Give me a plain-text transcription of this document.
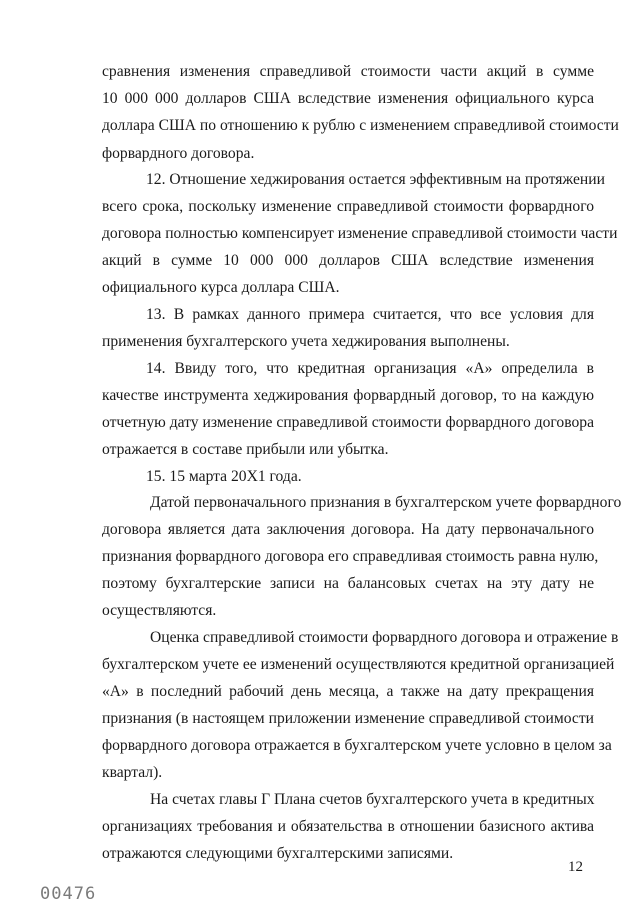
сравнения изменения справедливой стоимости части акций в сумме
10 000 000 долларов США вследствие изменения официального курса
доллара США по отношению к рублю с изменением справедливой стоимости
форвардного договора.
12. Отношение хеджирования остается эффективным на протяжении
всего срока, поскольку изменение справедливой стоимости форвардного
договора полностью компенсирует изменение справедливой стоимости части
акций в сумме 10 000 000 долларов США вследствие изменения
официального курса доллара США.
13. В рамках данного примера считается, что все условия для
применения бухгалтерского учета хеджирования выполнены.
14. Ввиду того, что кредитная организация «А» определила в
качестве инструмента хеджирования форвардный договор, то на каждую
отчетную дату изменение справедливой стоимости форвардного договора
отражается в составе прибыли или убытка.
15. 15 марта 20Х1 года.
Датой первоначального признания в бухгалтерском учете форвардного
договора является дата заключения договора. На дату первоначального
признания форвардного договора его справедливая стоимость равна нулю,
поэтому бухгалтерские записи на балансовых счетах на эту дату не
осуществляются.
Оценка справедливой стоимости форвардного договора и отражение в
бухгалтерском учете ее изменений осуществляются кредитной организацией
«А» в последний рабочий день месяца, а также на дату прекращения
признания (в настоящем приложении изменение справедливой стоимости
форвардного договора отражается в бухгалтерском учете условно в целом за
квартал).
На счетах главы Г Плана счетов бухгалтерского учета в кредитных
организациях требования и обязательства в отношении базисного актива
отражаются следующими бухгалтерскими записями.
12
00476
